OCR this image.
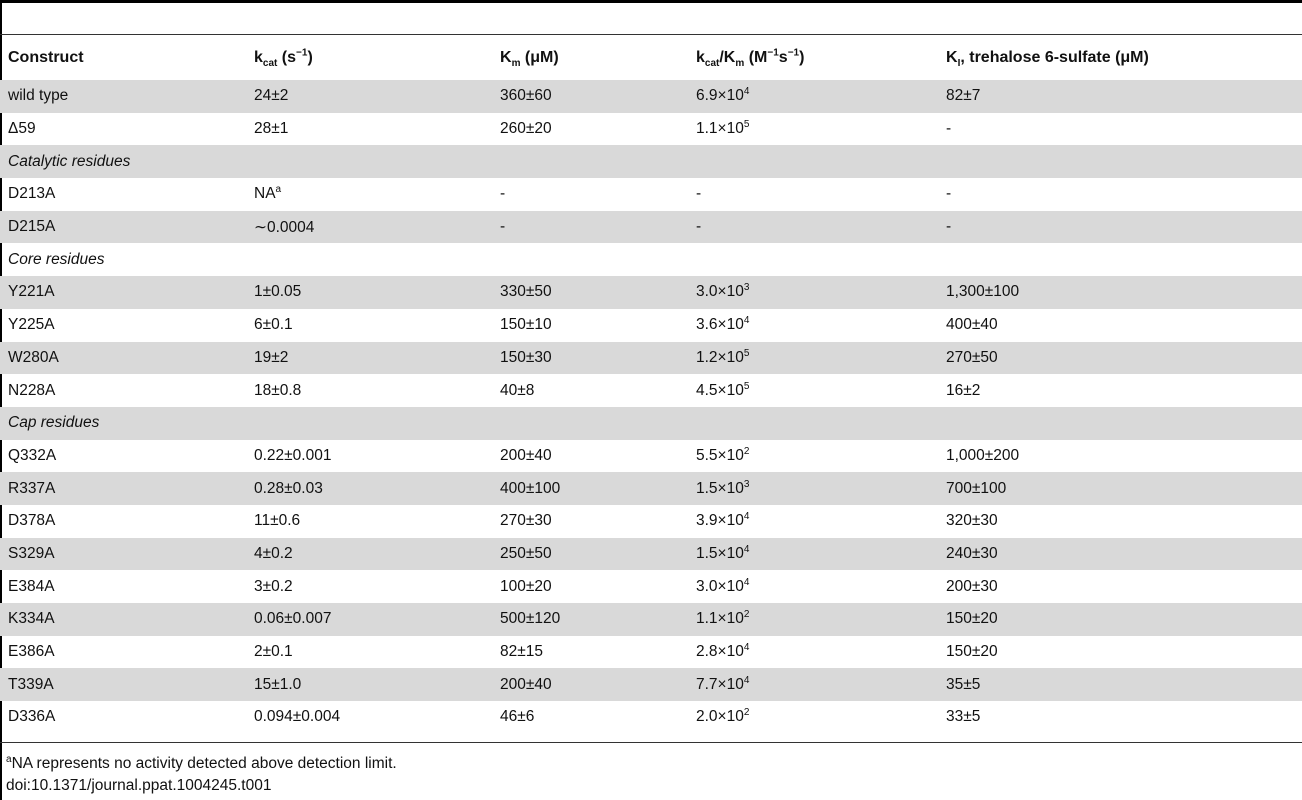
Construct	$k_{cat}$ $(s^{-1})$	$K_m$ (μM)	$k_{cat}/K_m$ $(M^{-1}s^{-1})$	$K_I$, trehalose 6-sulfate (μM)
wild type	24±2	360±60	$6.9\times 10^4$	82±7
Δ59	28±1	260±20	$1.1\times 10^5$	-
Catalytic residues				
D213A	$NA^a$	-	-	-
D215A	∼0.0004	-	-	-
Core residues				
Y221A	1±0.05	330±50	$3.0\times 10^3$	1,300±100
Y225A	6±0.1	150±10	$3.6\times 10^4$	400±40
W280A	19±2	150±30	$1.2\times 10^5$	270±50
N228A	18±0.8	40±8	$4.5\times 10^5$	16±2
Cap residues				
Q332A	0.22±0.001	200±40	$5.5\times 10^2$	1,000±200
R337A	0.28±0.03	400±100	$1.5\times 10^3$	700±100
D378A	11±0.6	270±30	$3.9\times 10^4$	320±30
S329A	4±0.2	250±50	$1.5\times 10^4$	240±30
E384A	3±0.2	100±20	$3.0\times 10^4$	200±30
K334A	0.06±0.007	500±120	$1.1\times 10^2$	150±20
E386A	2±0.1	82±15	$2.8\times 10^4$	150±20
T339A	15±1.0	200±40	$7.7\times 10^4$	35±5
D336A	0.094±0.004	46±6	$2.0\times 10^2$	33±5
$^a$NA represents no activity detected above detection limit.
doi:10.1371/journal.ppat.1004245.t001
